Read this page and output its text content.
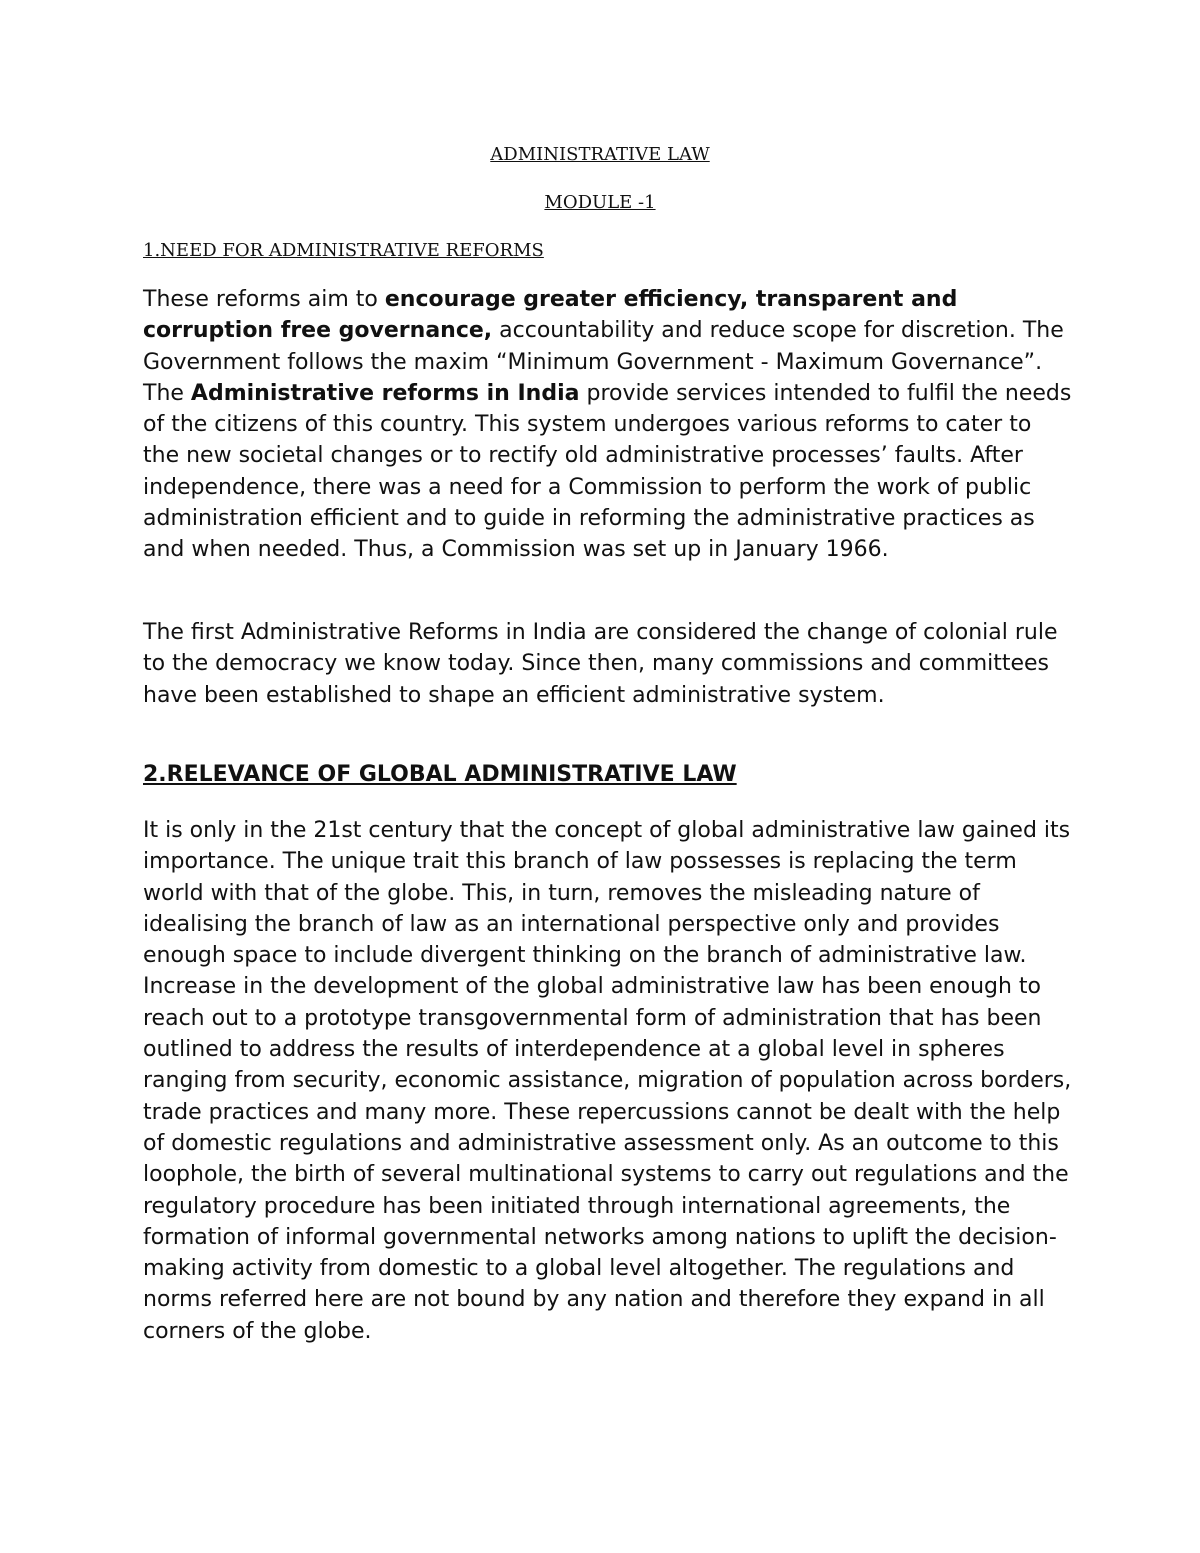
ADMINISTRATIVE LAW
MODULE -1
1.NEED FOR ADMINISTRATIVE REFORMS

These reforms aim to encourage greater efficiency, transparent and corruption free governance, accountability and reduce scope for discretion. The Government follows the maxim “Minimum Government - Maximum Governance”. The Administrative reforms in India provide services intended to fulfil the needs of the citizens of this country. This system undergoes various reforms to cater to the new societal changes or to rectify old administrative processes’ faults. After independence, there was a need for a Commission to perform the work of public administration efficient and to guide in reforming the administrative practices as and when needed. Thus, a Commission was set up in January 1966.

The first Administrative Reforms in India are considered the change of colonial rule to the democracy we know today. Since then, many commissions and committees have been established to shape an efficient administrative system.

2.RELEVANCE OF GLOBAL ADMINISTRATIVE LAW

It is only in the 21st century that the concept of global administrative law gained its importance. The unique trait this branch of law possesses is replacing the term world with that of the globe. This, in turn, removes the misleading nature of idealising the branch of law as an international perspective only and provides enough space to include divergent thinking on the branch of administrative law. Increase in the development of the global administrative law has been enough to reach out to a prototype transgovernmental form of administration that has been outlined to address the results of interdependence at a global level in spheres ranging from security, economic assistance, migration of population across borders, trade practices and many more. These repercussions cannot be dealt with the help of domestic regulations and administrative assessment only. As an outcome to this loophole, the birth of several multinational systems to carry out regulations and the regulatory procedure has been initiated through international agreements, the formation of informal governmental networks among nations to uplift the decision-making activity from domestic to a global level altogether. The regulations and norms referred here are not bound by any nation and therefore they expand in all corners of the globe.
